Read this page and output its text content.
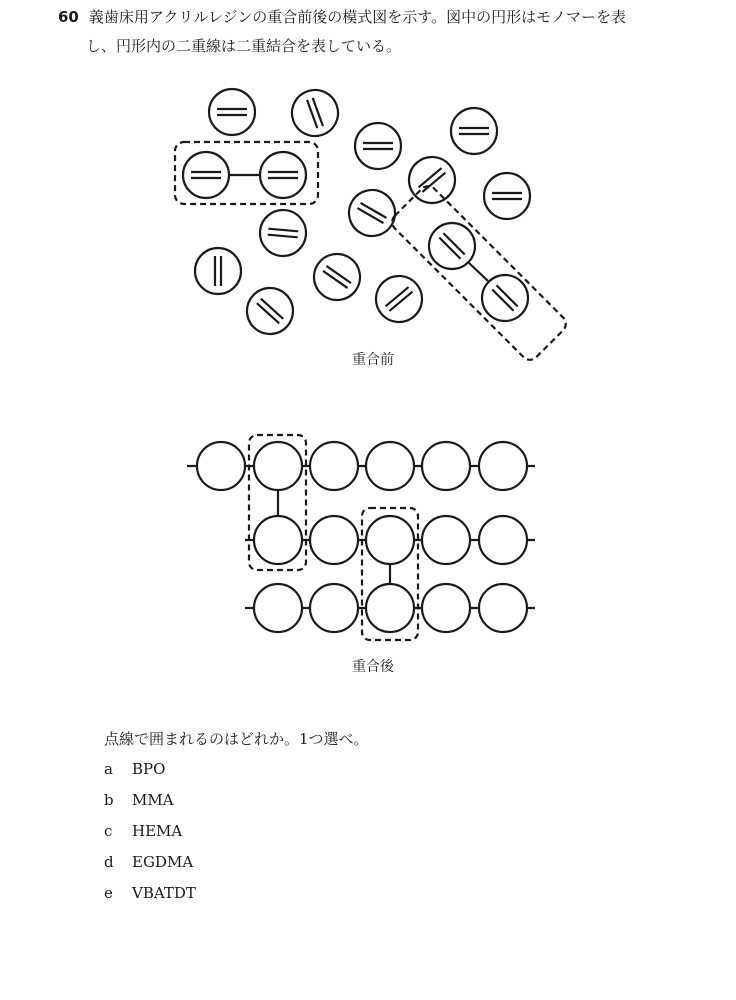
60 義歯床用アクリルレジンの重合前後の模式図を示す。図中の円形はモノマーを表
し、円形内の二重線は二重結合を表している。
重合前
重合後
点線で囲まれるのはどれか。1つ選べ。
a BPO
b MMA
c HEMA
d EGDMA
e VBATDT
